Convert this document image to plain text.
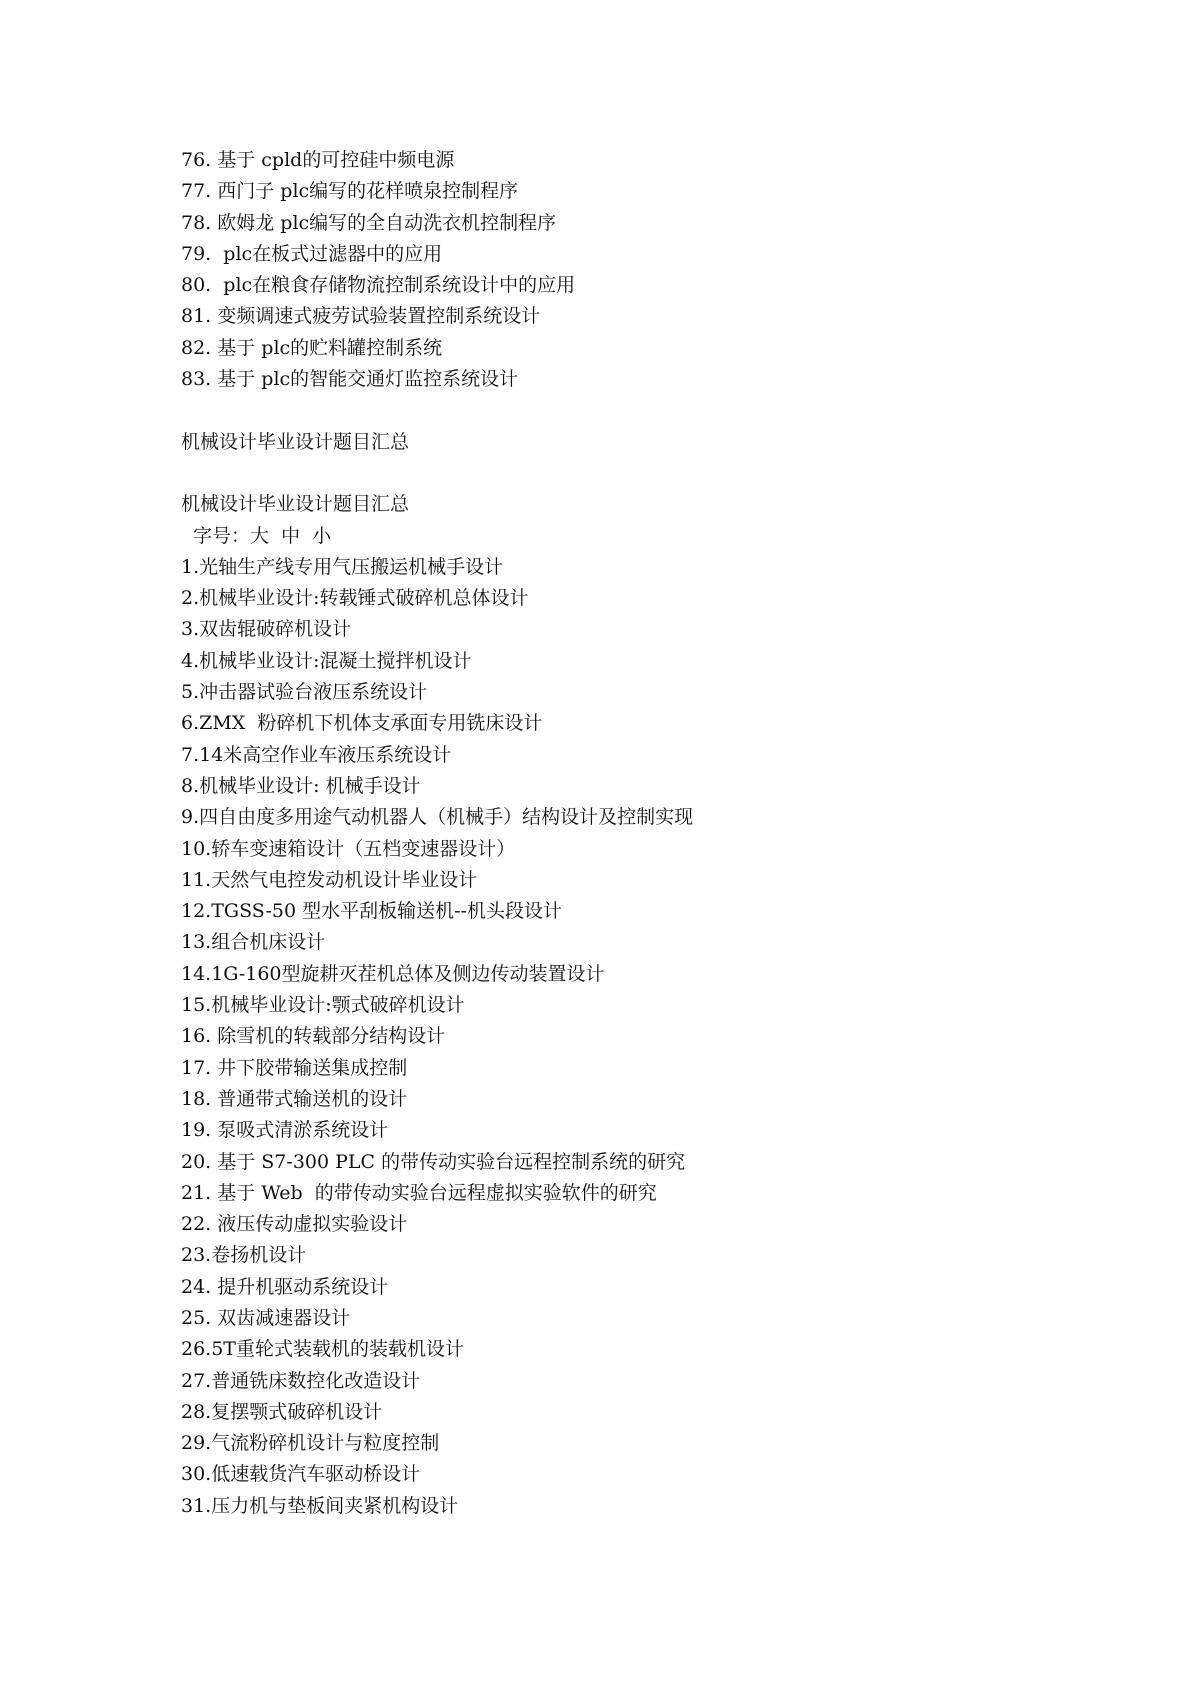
76. 基于 cpld的可控硅中频电源
77. 西门子 plc编写的花样喷泉控制程序
78. 欧姆龙 plc编写的全自动洗衣机控制程序
79.  plc在板式过滤器中的应用
80.  plc在粮食存储物流控制系统设计中的应用
81. 变频调速式疲劳试验装置控制系统设计
82. 基于 plc的贮料罐控制系统
83. 基于 plc的智能交通灯监控系统设计
机械设计毕业设计题目汇总
机械设计毕业设计题目汇总
字号：大  中  小
1.光轴生产线专用气压搬运机械手设计
2.机械毕业设计:转载锤式破碎机总体设计
3.双齿辊破碎机设计
4.机械毕业设计:混凝土搅拌机设计
5.冲击器试验台液压系统设计
6.ZMX  粉碎机下机体支承面专用铣床设计
7.14米高空作业车液压系统设计
8.机械毕业设计: 机械手设计
9.四自由度多用途气动机器人（机械手）结构设计及控制实现
10.轿车变速箱设计（五档变速器设计）
11.天然气电控发动机设计毕业设计
12.TGSS-50 型水平刮板输送机--机头段设计
13.组合机床设计
14.1G-160型旋耕灭茬机总体及侧边传动装置设计
15.机械毕业设计:颚式破碎机设计
16. 除雪机的转载部分结构设计
17. 井下胶带输送集成控制
18. 普通带式输送机的设计
19. 泵吸式清淤系统设计
20. 基于 S7-300 PLC 的带传动实验台远程控制系统的研究
21. 基于 Web  的带传动实验台远程虚拟实验软件的研究
22. 液压传动虚拟实验设计
23.卷扬机设计
24. 提升机驱动系统设计
25. 双齿减速器设计
26.5T重轮式装载机的装载机设计
27.普通铣床数控化改造设计
28.复摆颚式破碎机设计
29.气流粉碎机设计与粒度控制
30.低速载货汽车驱动桥设计
31.压力机与垫板间夹紧机构设计
